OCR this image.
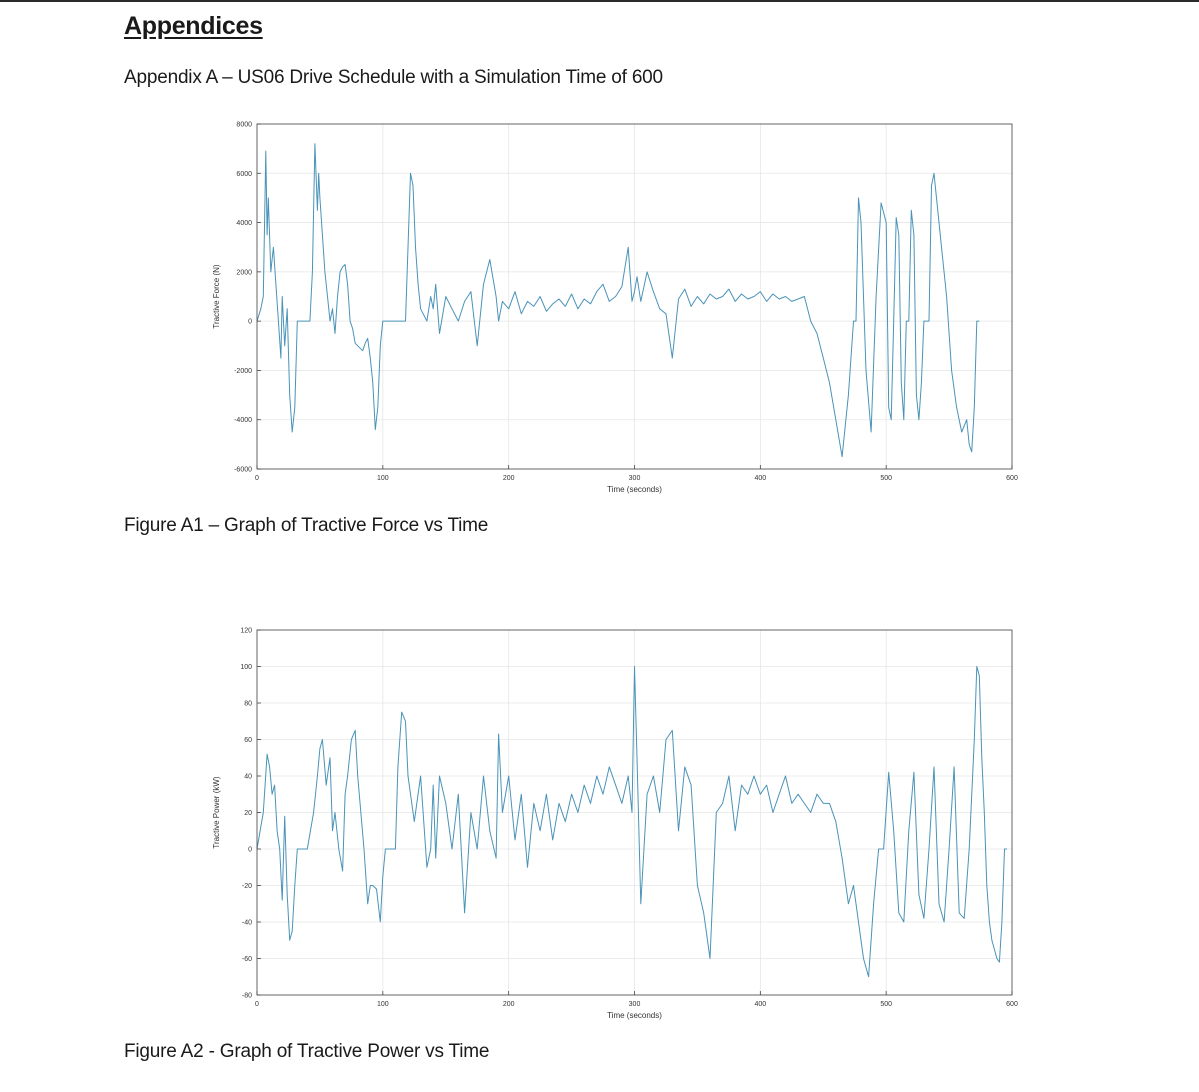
Appendices
Appendix A – US06 Drive Schedule with a Simulation Time of 600
0	100	200	300	400	500	600
-6000
-4000
-2000
0
2000
4000
6000
8000
Time (seconds)
Tractive Force (N)

Figure A1 – Graph of Tractive Force vs Time

0	100	200	300	400	500	600
-80
-60
-40
-20
0
20
40
60
80
100
120
Time (seconds)
Tractive Power (kW)

Figure A2 - Graph of Tractive Power vs Time
